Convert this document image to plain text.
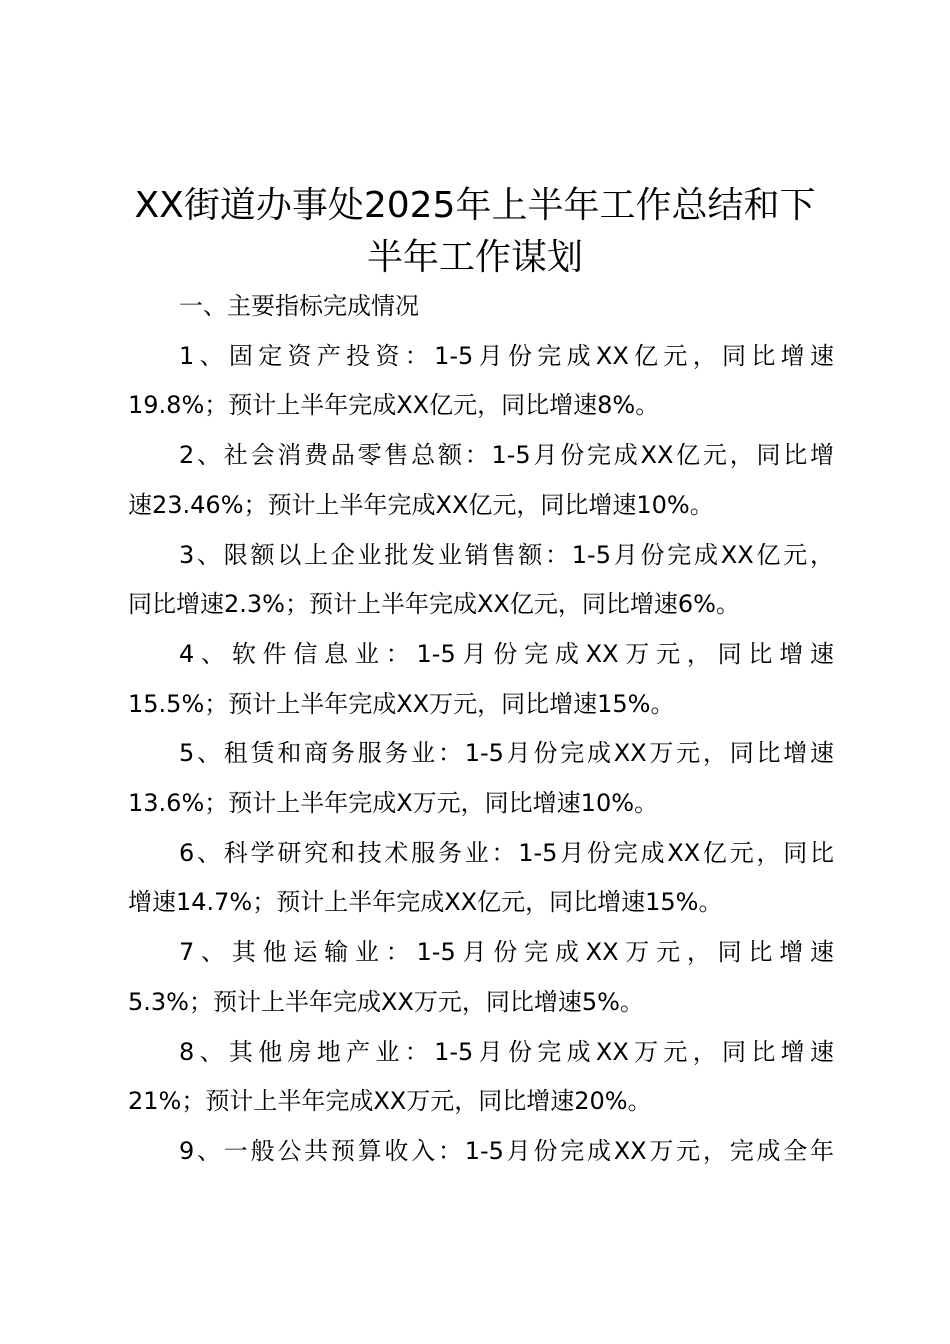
XX街道办事处2025年上半年工作总结和下
半年工作谋划

一、主要指标完成情况

1、固定资产投资：1-5月份完成XX亿元，同比增速
19.8%；预计上半年完成XX亿元，同比增速8%。

2、社会消费品零售总额：1-5月份完成XX亿元，同比增
速23.46%；预计上半年完成XX亿元，同比增速10%。

3、限额以上企业批发业销售额：1-5月份完成XX亿元，
同比增速2.3%；预计上半年完成XX亿元，同比增速6%。

4、软件信息业：1-5月份完成XX万元，同比增速
15.5%；预计上半年完成XX万元，同比增速15%。

5、租赁和商务服务业：1-5月份完成XX万元，同比增速
13.6%；预计上半年完成X万元，同比增速10%。

6、科学研究和技术服务业：1-5月份完成XX亿元，同比
增速14.7%；预计上半年完成XX亿元，同比增速15%。

7、其他运输业：1-5月份完成XX万元，同比增速
5.3%；预计上半年完成XX万元，同比增速5%。

8、其他房地产业：1-5月份完成XX万元，同比增速
21%；预计上半年完成XX万元，同比增速20%。

9、一般公共预算收入：1-5月份完成XX万元，完成全年
